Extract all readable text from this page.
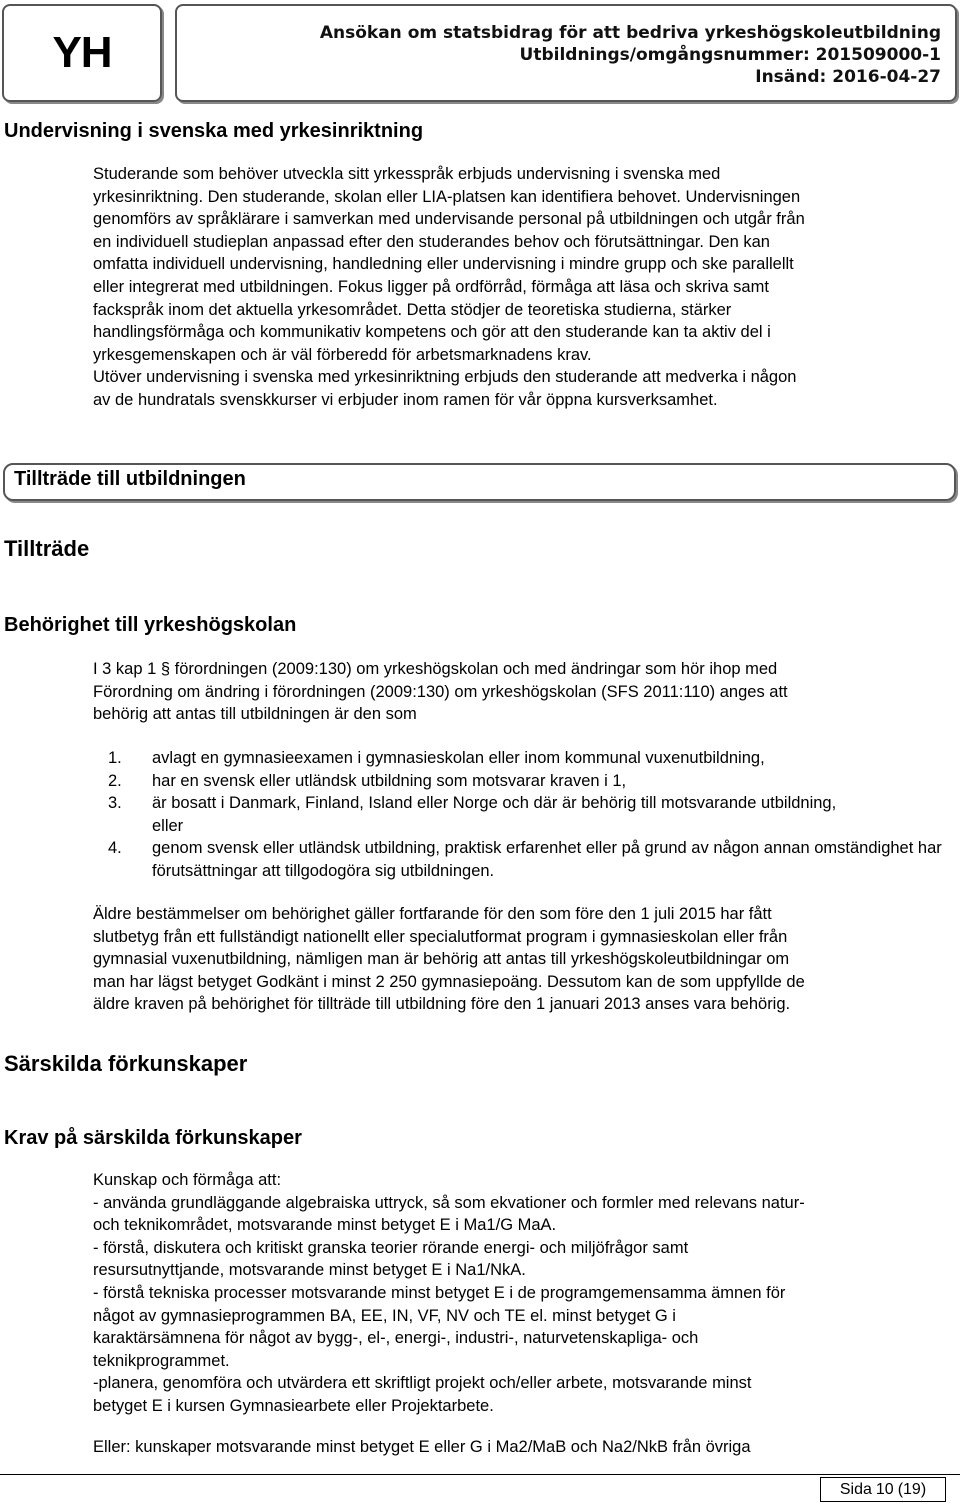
YH	Ansökan om statsbidrag för att bedriva yrkeshögskoleutbildning
Utbildnings/omgångsnummer: 201509000-1
Insänd: 2016-04-27
Undervisning i svenska med yrkesinriktning
Studerande som behöver utveckla sitt yrkesspråk erbjuds undervisning i svenska med
yrkesinriktning. Den studerande, skolan eller LIA-platsen kan identifiera behovet. Undervisningen
genomförs av språklärare i samverkan med undervisande personal på utbildningen och utgår från
en individuell studieplan anpassad efter den studerandes behov och förutsättningar. Den kan
omfatta individuell undervisning, handledning eller undervisning i mindre grupp och ske parallellt
eller integrerat med utbildningen. Fokus ligger på ordförråd, förmåga att läsa och skriva samt
fackspråk inom det aktuella yrkesområdet. Detta stödjer de teoretiska studierna, stärker
handlingsförmåga och kommunikativ kompetens och gör att den studerande kan ta aktiv del i
yrkesgemenskapen och är väl förberedd för arbetsmarknadens krav.
Utöver undervisning i svenska med yrkesinriktning erbjuds den studerande att medverka i någon
av de hundratals svenskkurser vi erbjuder inom ramen för vår öppna kursverksamhet.
Tillträde till utbildningen
Tillträde
Behörighet till yrkeshögskolan
I 3 kap 1 § förordningen (2009:130) om yrkeshögskolan och med ändringar som hör ihop med
Förordning om ändring i förordningen (2009:130) om yrkeshögskolan (SFS 2011:110) anges att
behörig att antas till utbildningen är den som
1.	avlagt en gymnasieexamen i gymnasieskolan eller inom kommunal vuxenutbildning,
2.	har en svensk eller utländsk utbildning som motsvarar kraven i 1,
3.	är bosatt i Danmark, Finland, Island eller Norge och där är behörig till motsvarande utbildning, eller
4.	genom svensk eller utländsk utbildning, praktisk erfarenhet eller på grund av någon annan omständighet har förutsättningar att tillgodogöra sig utbildningen.
Äldre bestämmelser om behörighet gäller fortfarande för den som före den 1 juli 2015 har fått
slutbetyg från ett fullständigt nationellt eller specialutformat program i gymnasieskolan eller från
gymnasial vuxenutbildning, nämligen man är behörig att antas till yrkeshögskoleutbildningar om
man har lägst betyget Godkänt i minst 2 250 gymnasiepoäng. Dessutom kan de som uppfyllde de
äldre kraven på behörighet för tillträde till utbildning före den 1 januari 2013 anses vara behörig.
Särskilda förkunskaper
Krav på särskilda förkunskaper
Kunskap och förmåga att:
- använda grundläggande algebraiska uttryck, så som ekvationer och formler med relevans natur-
och teknikområdet, motsvarande minst betyget E i Ma1/G MaA.
- förstå, diskutera och kritiskt granska teorier rörande energi- och miljöfrågor samt
resursutnyttjande, motsvarande minst betyget E i Na1/NkA.
- förstå tekniska processer motsvarande minst betyget E i de programgemensamma ämnen för
något av gymnasieprogrammen BA, EE, IN, VF, NV och TE el. minst betyget G i
karaktärsämnena för något av bygg-, el-, energi-, industri-, naturvetenskapliga- och
teknikprogrammet.
-planera, genomföra och utvärdera ett skriftligt projekt och/eller arbete, motsvarande minst
betyget E i kursen Gymnasiearbete eller Projektarbete.
Eller: kunskaper motsvarande minst betyget E eller G i Ma2/MaB och Na2/NkB från övriga
Sida 10 (19)
